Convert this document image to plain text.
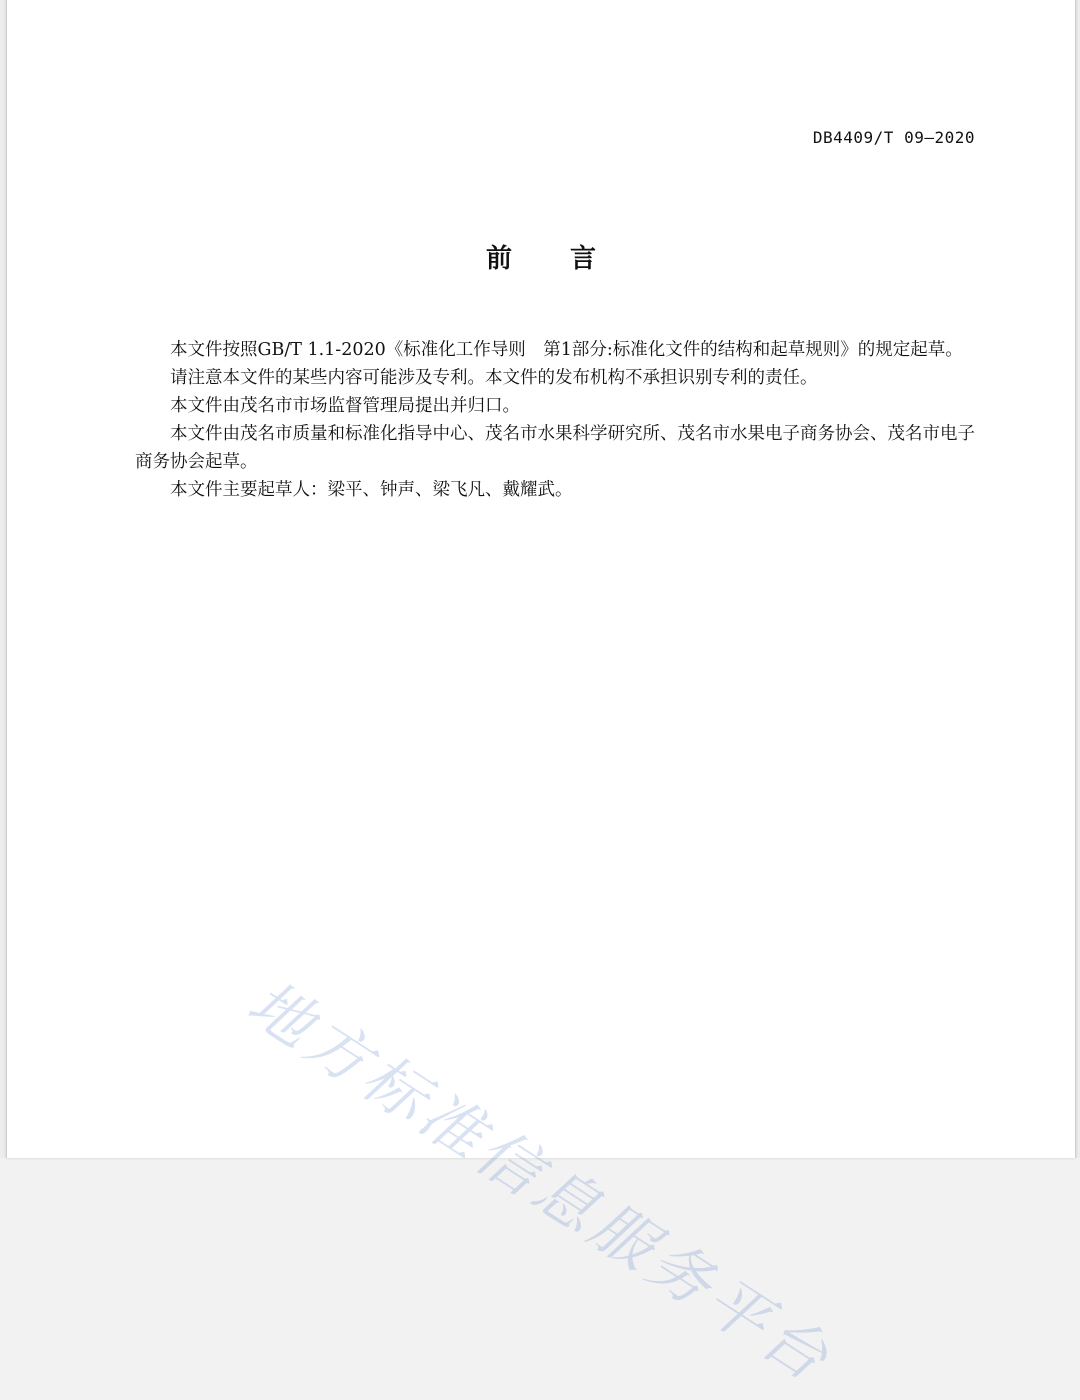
DB4409/T 09—2020
前言

本文件按照GB/T 1.1-2020《标准化工作导则　第1部分:标准化文件的结构和起草规则》的规定起草。

请注意本文件的某些内容可能涉及专利。本文件的发布机构不承担识别专利的责任。

本文件由茂名市市场监督管理局提出并归口。

本文件由茂名市质量和标准化指导中心、茂名市水果科学研究所、茂名市水果电子商务协会、茂名市电子商务协会起草。

本文件主要起草人：梁平、钟声、梁飞凡、戴耀武。

地方标准信息服务平台
